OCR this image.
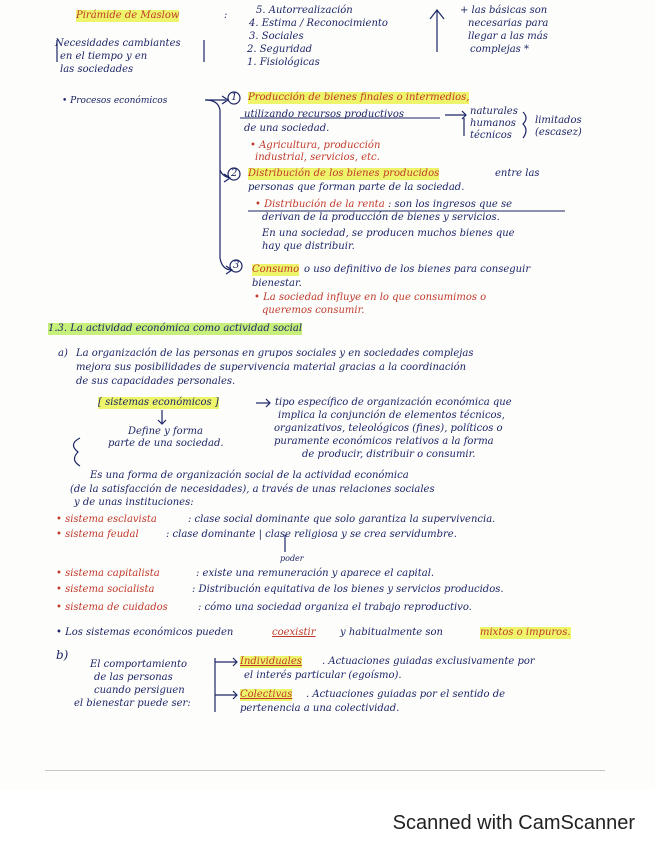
Pirámide de Maslow	:
Necesidades cambiantes
en el tiempo y en
las sociedades
5. Autorrealización
4. Estima / Reconocimiento
3. Sociales
2. Seguridad
1. Fisiológicas
+ las básicas son
necesarias para
llegar a las más
complejas *
• Procesos económicos	1 Producción de bienes finales o intermedios,
utilizando recursos productivos
de una sociedad.
naturales
humanos
técnicos
limitados
(escasez)
• Agricultura, producción
industrial, servicios, etc.
2 Distribución de los bienes producidos	entre las
personas que forman parte de la sociedad.
• Distribución de la renta : son los ingresos que se
derivan de la producción de bienes y servicios.
En una sociedad, se producen muchos bienes que
hay que distribuir.
3 Consumo o uso definitivo de los bienes para conseguir
bienestar.
• La sociedad influye en lo que consumimos o
queremos consumir.
1.3. La actividad económica como actividad social
a) La organización de las personas en grupos sociales y en sociedades complejas
mejora sus posibilidades de supervivencia material gracias a la coordinación
de sus capacidades personales.
[ sistemas económicos ]	tipo específico de organización económica que
implica la conjunción de elementos técnicos,
organizativos, teleológicos (fines), políticos o
puramente económicos relativos a la forma
de producir, distribuir o consumir.
Define y forma
parte de una sociedad.
Es una forma de organización social de la actividad económica
(de la satisfacción de necesidades), a través de unas relaciones sociales
y de unas instituciones:
• sistema esclavista	: clase social dominante que solo garantiza la supervivencia.
• sistema feudal	: clase dominante | clase religiosa y se crea servidumbre.
poder
• sistema capitalista	: existe una remuneración y aparece el capital.
• sistema socialista	: Distribución equitativa de los bienes y servicios producidos.
• sistema de cuidados	: cómo una sociedad organiza el trabajo reproductivo.
• Los sistemas económicos pueden	coexistir y habitualmente son	mixtos o impuros.
b)
El comportamiento
de las personas
cuando persiguen
el bienestar puede ser:
Individuales . Actuaciones guiadas exclusivamente por
el interés particular (egoísmo).
Colectivas . Actuaciones guiadas por el sentido de
pertenencia a una colectividad.
Scanned with CamScanner
